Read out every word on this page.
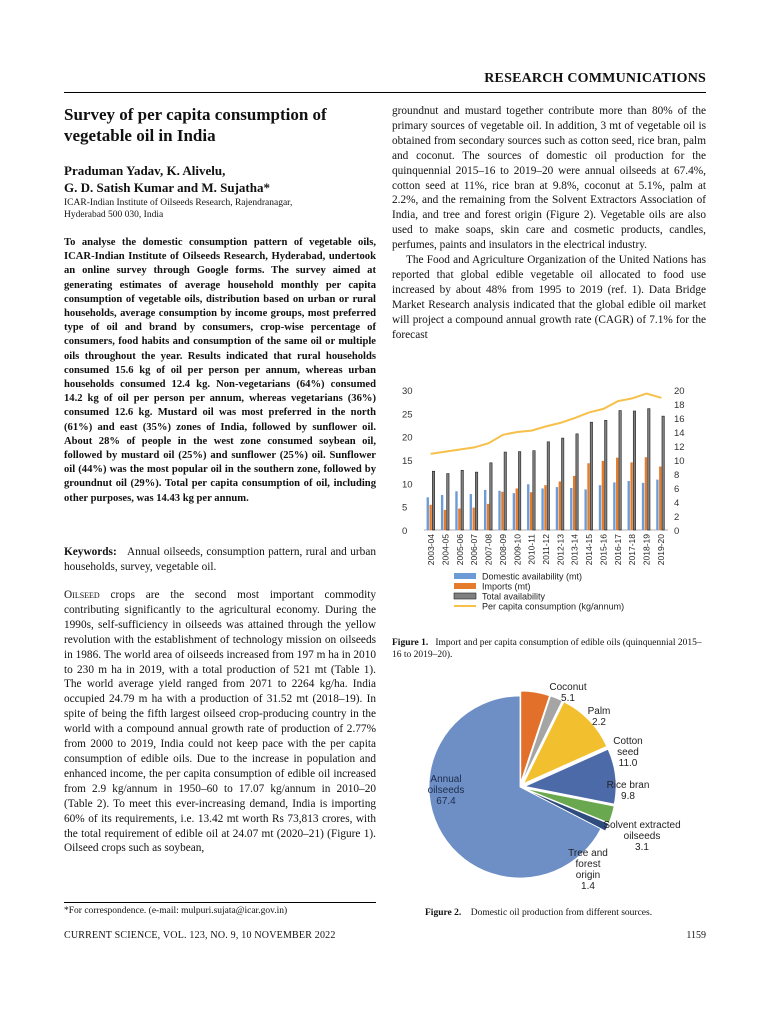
RESEARCH COMMUNICATIONS
Survey of per capita consumption of vegetable oil in India
Praduman Yadav, K. Alivelu,
G. D. Satish Kumar and M. Sujatha*
ICAR-Indian Institute of Oilseeds Research, Rajendranagar,
Hyderabad 500 030, India
To analyse the domestic consumption pattern of vegetable oils, ICAR-Indian Institute of Oilseeds Research, Hyderabad, undertook an online survey through Google forms. The survey aimed at generating estimates of average household monthly per capita consumption of vegetable oils, distribution based on urban or rural households, average consumption by income groups, most preferred type of oil and brand by consumers, crop-wise percentage of consumers, food habits and consumption of the same oil or multiple oils throughout the year. Results indicated that rural households consumed 15.6 kg of oil per person per annum, whereas urban households consumed 12.4 kg. Non-vegetarians (64%) consumed 14.2 kg of oil per person per annum, whereas vegetarians (36%) consumed 12.6 kg. Mustard oil was most preferred in the north (61%) and east (35%) zones of India, followed by sunflower oil. About 28% of people in the west zone consumed soybean oil, followed by mustard oil (25%) and sunflower (25%) oil. Sunflower oil (44%) was the most popular oil in the southern zone, followed by groundnut oil (29%). Total per capita consumption of oil, including other purposes, was 14.43 kg per annum.
Keywords: Annual oilseeds, consumption pattern, rural and urban households, survey, vegetable oil.
Oilseed crops are the second most important commodity contributing significantly to the agricultural economy. During the 1990s, self-sufficiency in oilseeds was attained through the yellow revolution with the establishment of technology mission on oilseeds in 1986. The world area of oilseeds increased from 197 m ha in 2010 to 230 m ha in 2019, with a total production of 521 mt (Table 1). The world average yield ranged from 2071 to 2264 kg/ha. India occupied 24.79 m ha with a production of 31.52 mt (2018–19). In spite of being the fifth largest oilseed crop-producing country in the world with a compound annual growth rate of production of 2.77% from 2000 to 2019, India could not keep pace with the per capita consumption of edible oils. Due to the increase in population and enhanced income, the per capita consumption of edible oil increased from 2.9 kg/annum in 1950–60 to 17.07 kg/annum in 2010–20 (Table 2). To meet this ever-increasing demand, India is importing 60% of its requirements, i.e. 13.42 mt worth Rs 73,813 crores, with the total requirement of edible oil at 24.07 mt (2020–21) (Figure 1). Oilseed crops such as soybean,
groundnut and mustard together contribute more than 80% of the primary sources of vegetable oil. In addition, 3 mt of vegetable oil is obtained from secondary sources such as cotton seed, rice bran, palm and coconut. The sources of domestic oil production for the quinquennial 2015–16 to 2019–20 were annual oilseeds at 67.4%, cotton seed at 11%, rice bran at 9.8%, coconut at 5.1%, palm at 2.2%, and the remaining from the Solvent Extractors Association of India, and tree and forest origin (Figure 2). Vegetable oils are also used to make soaps, skin care and cosmetic products, candles, perfumes, paints and insulators in the electrical industry.
The Food and Agriculture Organization of the United Nations has reported that global edible vegetable oil allocated to food use increased by about 48% from 1995 to 2019 (ref. 1). Data Bridge Market Research analysis indicated that the global edible oil market will project a compound annual growth rate (CAGR) of 7.1% for the forecast
0
5
10
15
20
25
30
0
2
4
6
8
10
12
14
16
18
20
2003-04 2004-05 2005-06 2006-07 2007-08 2008-09 2009-10 2010-11 2011-12 2012-13 2013-14 2014-15 2015-16 2016-17 2017-18 2018-19 2019-20
Domestic availability (mt)
Imports (mt)
Total availability
Per capita consumption (kg/annum)
Figure 1. Import and per capita consumption of edible oils (quinquennial 2015–16 to 2019–20).
Annual
oilseeds
67.4
Coconut
5.1
Palm
2.2
Cotton
seed
11.0
Rice bran
9.8
Solvent extracted
oilseeds
3.1
Tree and
forest
origin
1.4
Figure 2. Domestic oil production from different sources.
*For correspondence. (e-mail: mulpuri.sujata@icar.gov.in)
CURRENT SCIENCE, VOL. 123, NO. 9, 10 NOVEMBER 2022	1159
